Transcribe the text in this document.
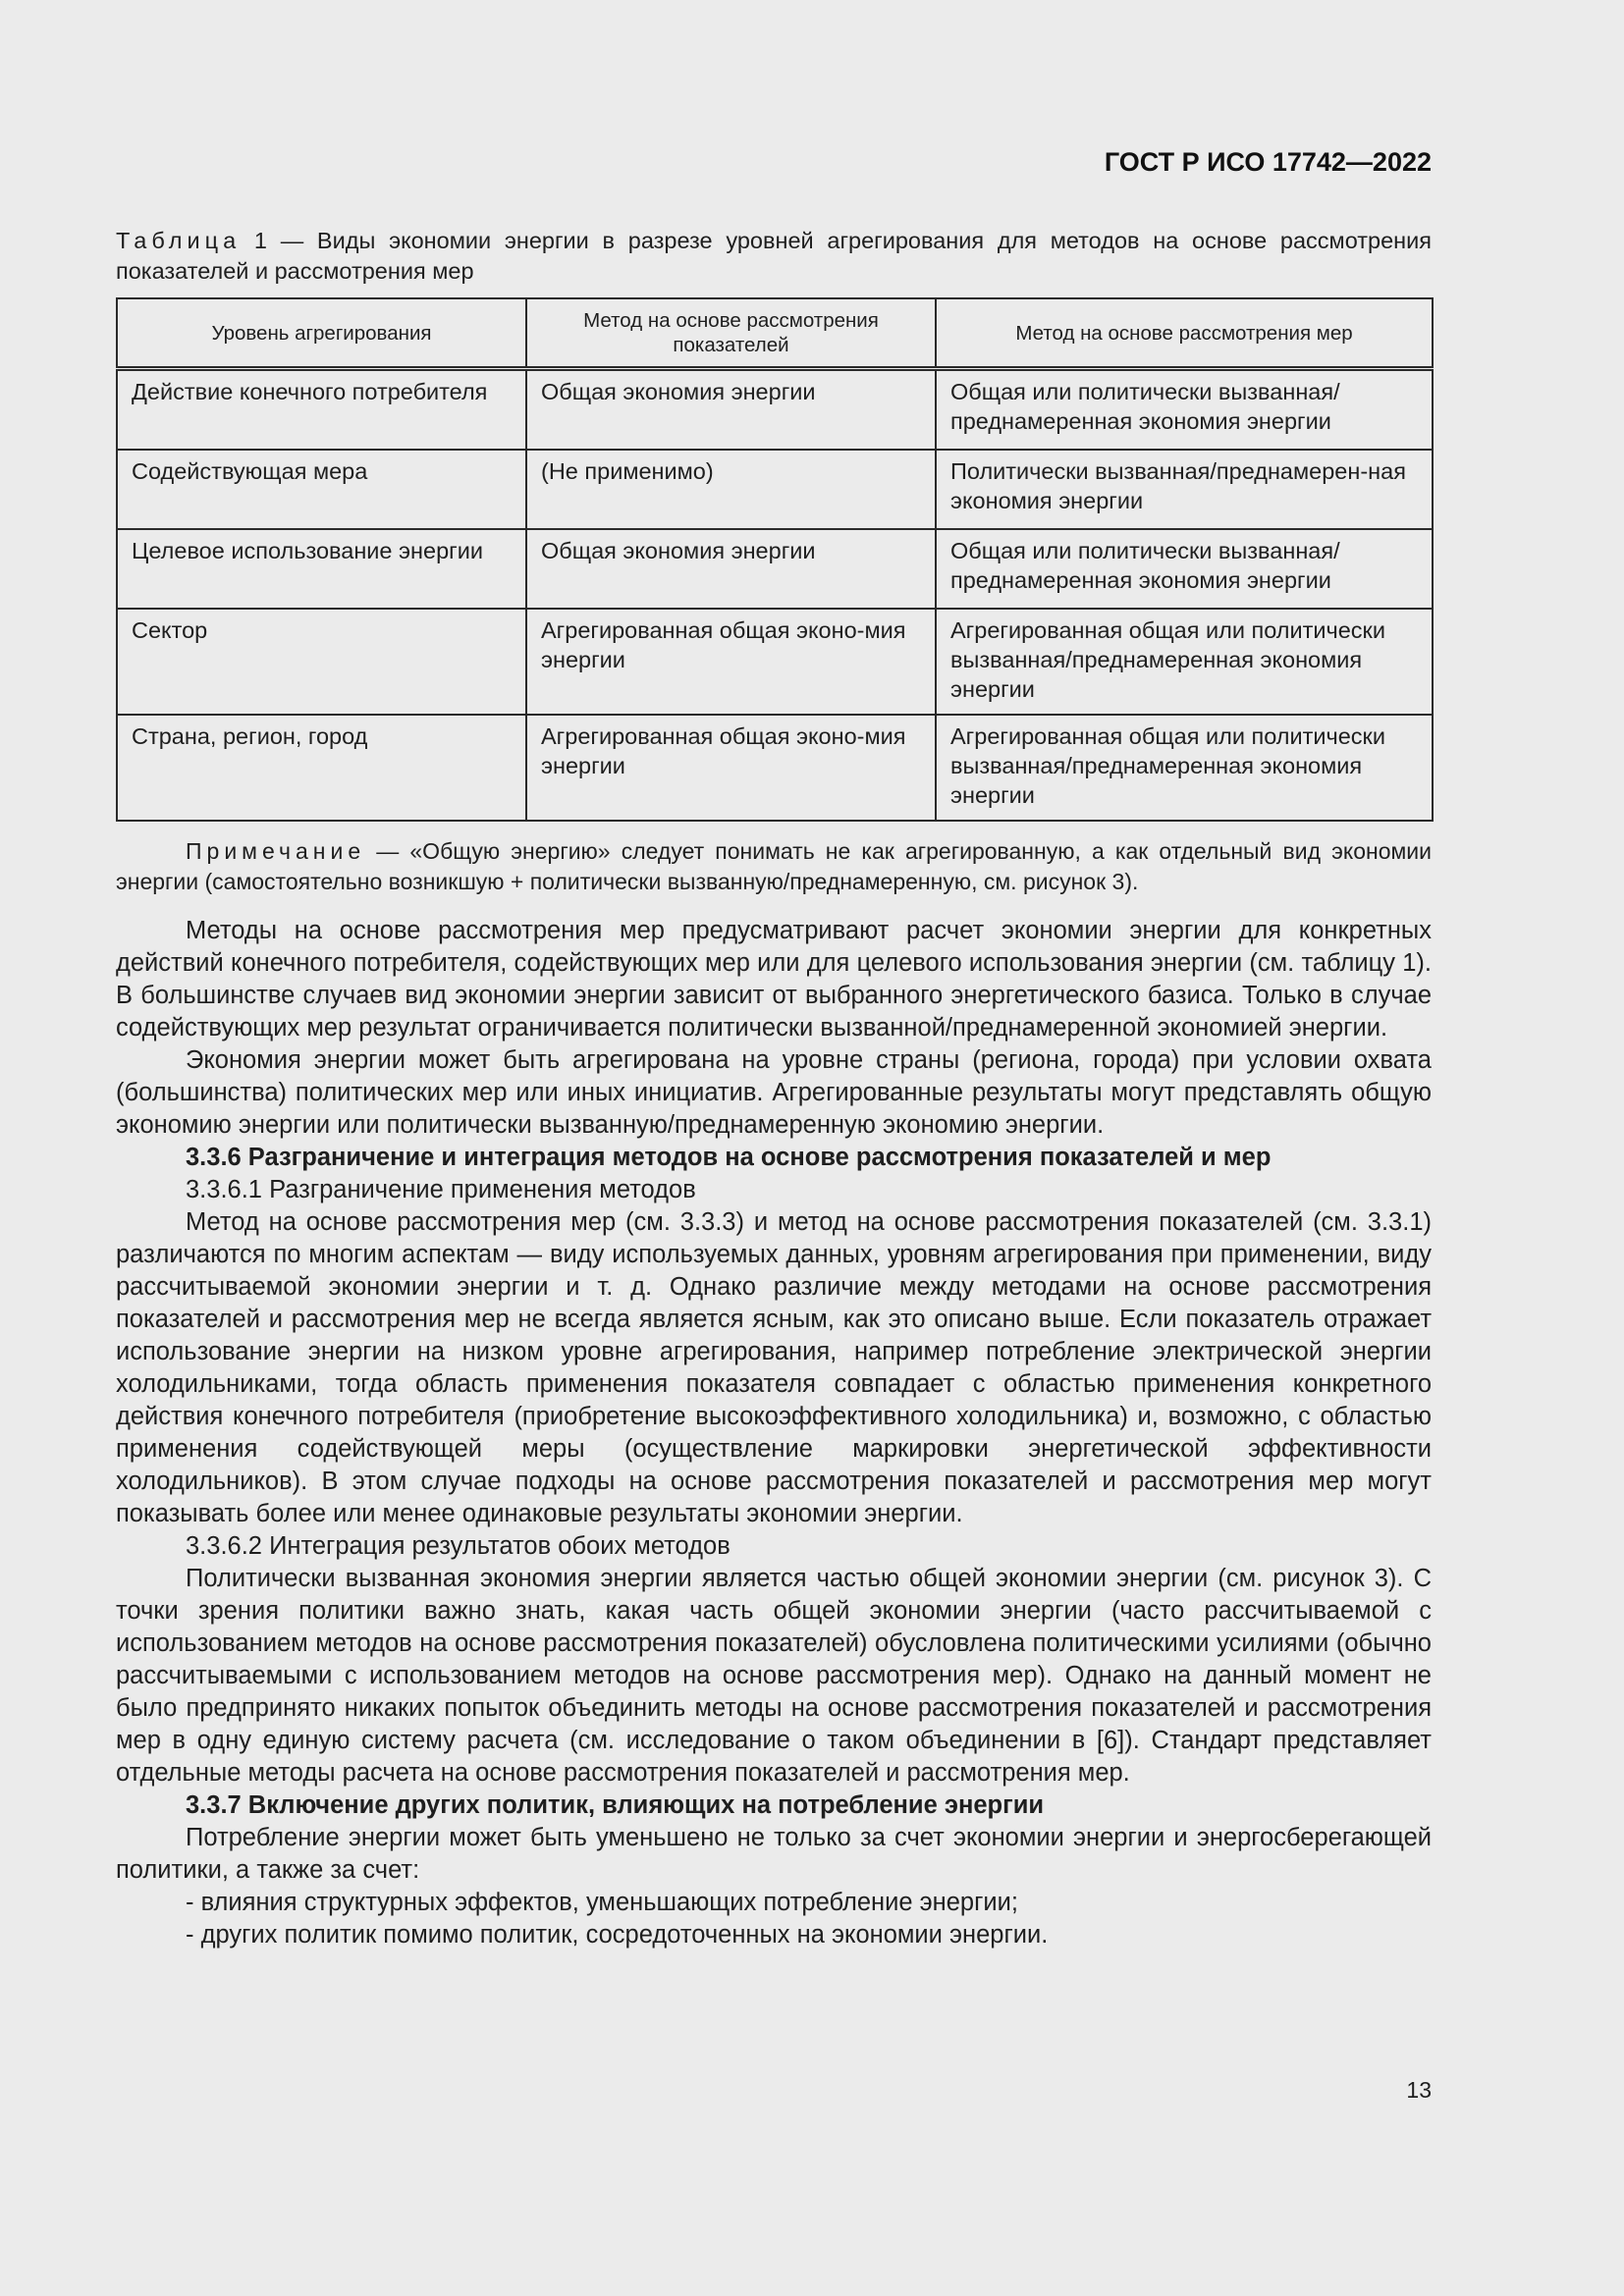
ГОСТ Р ИСО 17742—2022
Таблица 1 — Виды экономии энергии в разрезе уровней агрегирования для методов на основе рассмотрения показателей и рассмотрения мер
Уровень агрегирования	Метод на основе рассмотрения показателей	Метод на основе рассмотрения мер
Действие конечного потребителя	Общая экономия энергии	Общая или политически вызванная/ преднамеренная экономия энергии
Содействующая мера	(Не применимо)	Политически вызванная/преднамерен-ная экономия энергии
Целевое использование энергии	Общая экономия энергии	Общая или политически вызванная/ преднамеренная экономия энергии
Сектор	Агрегированная общая эконо-мия энергии	Агрегированная общая или политически вызванная/преднамеренная экономия энергии
Страна, регион, город	Агрегированная общая эконо-мия энергии	Агрегированная общая или политически вызванная/преднамеренная экономия энергии
Примечание — «Общую энергию» следует понимать не как агрегированную, а как отдельный вид экономии энергии (самостоятельно возникшую + политически вызванную/преднамеренную, см. рисунок 3).

Методы на основе рассмотрения мер предусматривают расчет экономии энергии для конкретных действий конечного потребителя, содействующих мер или для целевого использования энергии (см. таблицу 1). В большинстве случаев вид экономии энергии зависит от выбранного энергетического базиса. Только в случае содействующих мер результат ограничивается политически вызванной/преднамеренной экономией энергии.

Экономия энергии может быть агрегирована на уровне страны (региона, города) при условии охвата (большинства) политических мер или иных инициатив. Агрегированные результаты могут представлять общую экономию энергии или политически вызванную/преднамеренную экономию энергии.

3.3.6 Разграничение и интеграция методов на основе рассмотрения показателей и мер

3.3.6.1 Разграничение применения методов

Метод на основе рассмотрения мер (см. 3.3.3) и метод на основе рассмотрения показателей (см. 3.3.1) различаются по многим аспектам — виду используемых данных, уровням агрегирования при применении, виду рассчитываемой экономии энергии и т. д. Однако различие между методами на основе рассмотрения показателей и рассмотрения мер не всегда является ясным, как это описано выше. Если показатель отражает использование энергии на низком уровне агрегирования, например потребление электрической энергии холодильниками, тогда область применения показателя совпадает с областью применения конкретного действия конечного потребителя (приобретение высокоэффективного холодильника) и, возможно, с областью применения содействующей меры (осуществление маркировки энергетической эффективности холодильников). В этом случае подходы на основе рассмотрения показателей и рассмотрения мер могут показывать более или менее одинаковые результаты экономии энергии.

3.3.6.2 Интеграция результатов обоих методов

Политически вызванная экономия энергии является частью общей экономии энергии (см. рисунок 3). С точки зрения политики важно знать, какая часть общей экономии энергии (часто рассчитываемой с использованием методов на основе рассмотрения показателей) обусловлена политическими усилиями (обычно рассчитываемыми с использованием методов на основе рассмотрения мер). Однако на данный момент не было предпринято никаких попыток объединить методы на основе рассмотрения показателей и рассмотрения мер в одну единую систему расчета (см. исследование о таком объединении в [6]). Стандарт представляет отдельные методы расчета на основе рассмотрения показателей и рассмотрения мер.

3.3.7 Включение других политик, влияющих на потребление энергии

Потребление энергии может быть уменьшено не только за счет экономии энергии и энергосберегающей политики, а также за счет:

- влияния структурных эффектов, уменьшающих потребление энергии;

- других политик помимо политик, сосредоточенных на экономии энергии.

13
